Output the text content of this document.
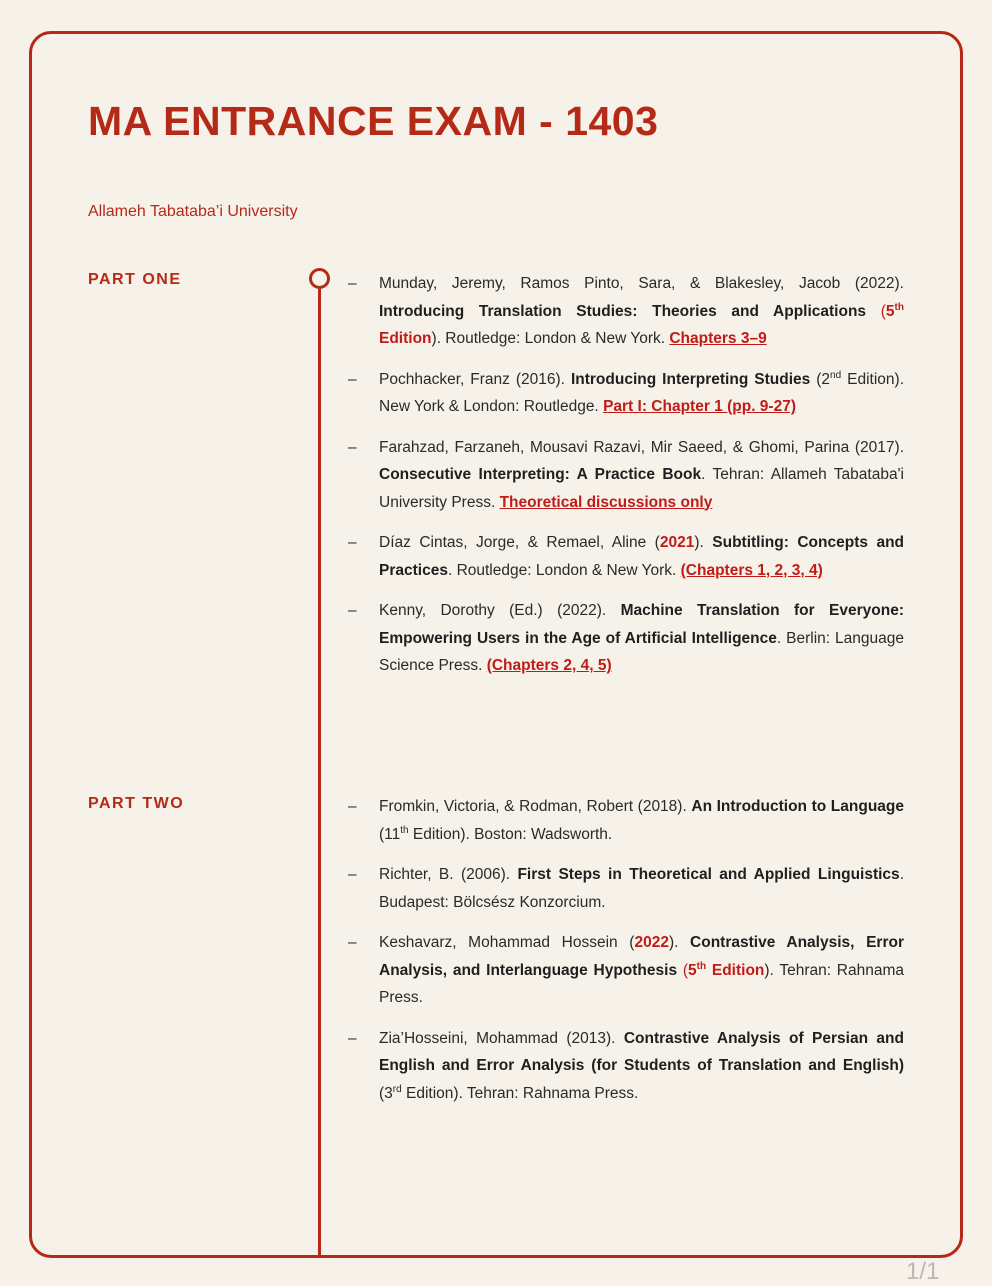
MA ENTRANCE EXAM - 1403
Allameh Tabataba’i University
PART ONE	– Munday, Jeremy, Ramos Pinto, Sara, & Blakesley, Jacob (2022). Introducing Translation Studies: Theories and Applications (5th Edition). Routledge: London & New York. Chapters 3–9
– Pochhacker, Franz (2016). Introducing Interpreting Studies (2nd Edition). New York & London: Routledge. Part I: Chapter 1 (pp. 9-27)
– Farahzad, Farzaneh, Mousavi Razavi, Mir Saeed, & Ghomi, Parina (2017). Consecutive Interpreting: A Practice Book. Tehran: Allameh Tabataba'i University Press. Theoretical discussions only
– Díaz Cintas, Jorge, & Remael, Aline (2021). Subtitling: Concepts and Practices. Routledge: London & New York. (Chapters 1, 2, 3, 4)
– Kenny, Dorothy (Ed.) (2022). Machine Translation for Everyone: Empowering Users in the Age of Artificial Intelligence. Berlin: Language Science Press. (Chapters 2, 4, 5)
PART TWO	– Fromkin, Victoria, & Rodman, Robert (2018). An Introduction to Language (11th Edition). Boston: Wadsworth.
– Richter, B. (2006). First Steps in Theoretical and Applied Linguistics. Budapest: Bölcsész Konzorcium.
– Keshavarz, Mohammad Hossein (2022). Contrastive Analysis, Error Analysis, and Interlanguage Hypothesis (5th Edition). Tehran: Rahnama Press.
– Zia’Hosseini, Mohammad (2013). Contrastive Analysis of Persian and English and Error Analysis (for Students of Translation and English) (3rd Edition). Tehran: Rahnama Press.
1/1
